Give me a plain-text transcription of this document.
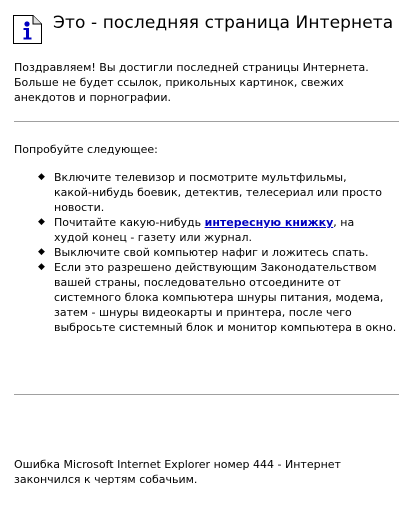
Это - последняя страница Интернета
Поздравляем! Вы достигли последней страницы Интернета.
Больше не будет ссылок, прикольных картинок, свежих
анекдотов и порнографии.
Попробуйте следующее:
◆ Включите телевизор и посмотрите мультфильмы,
какой-нибудь боевик, детектив, телесериал или просто
новости.
◆ Почитайте какую-нибудь интересную книжку, на
худой конец - газету или журнал.
◆ Выключите свой компьютер нафиг и ложитесь спать.
◆ Если это разрешено действующим Законодательством
вашей страны, последовательно отсоедините от
системного блока компьютера шнуры питания, модема,
затем - шнуры видеокарты и принтера, после чего
выбросьте системный блок и монитор компьютера в окно.
Ошибка Microsoft Internet Explorer номер 444 - Интернет
закончился к чертям собачьим.
